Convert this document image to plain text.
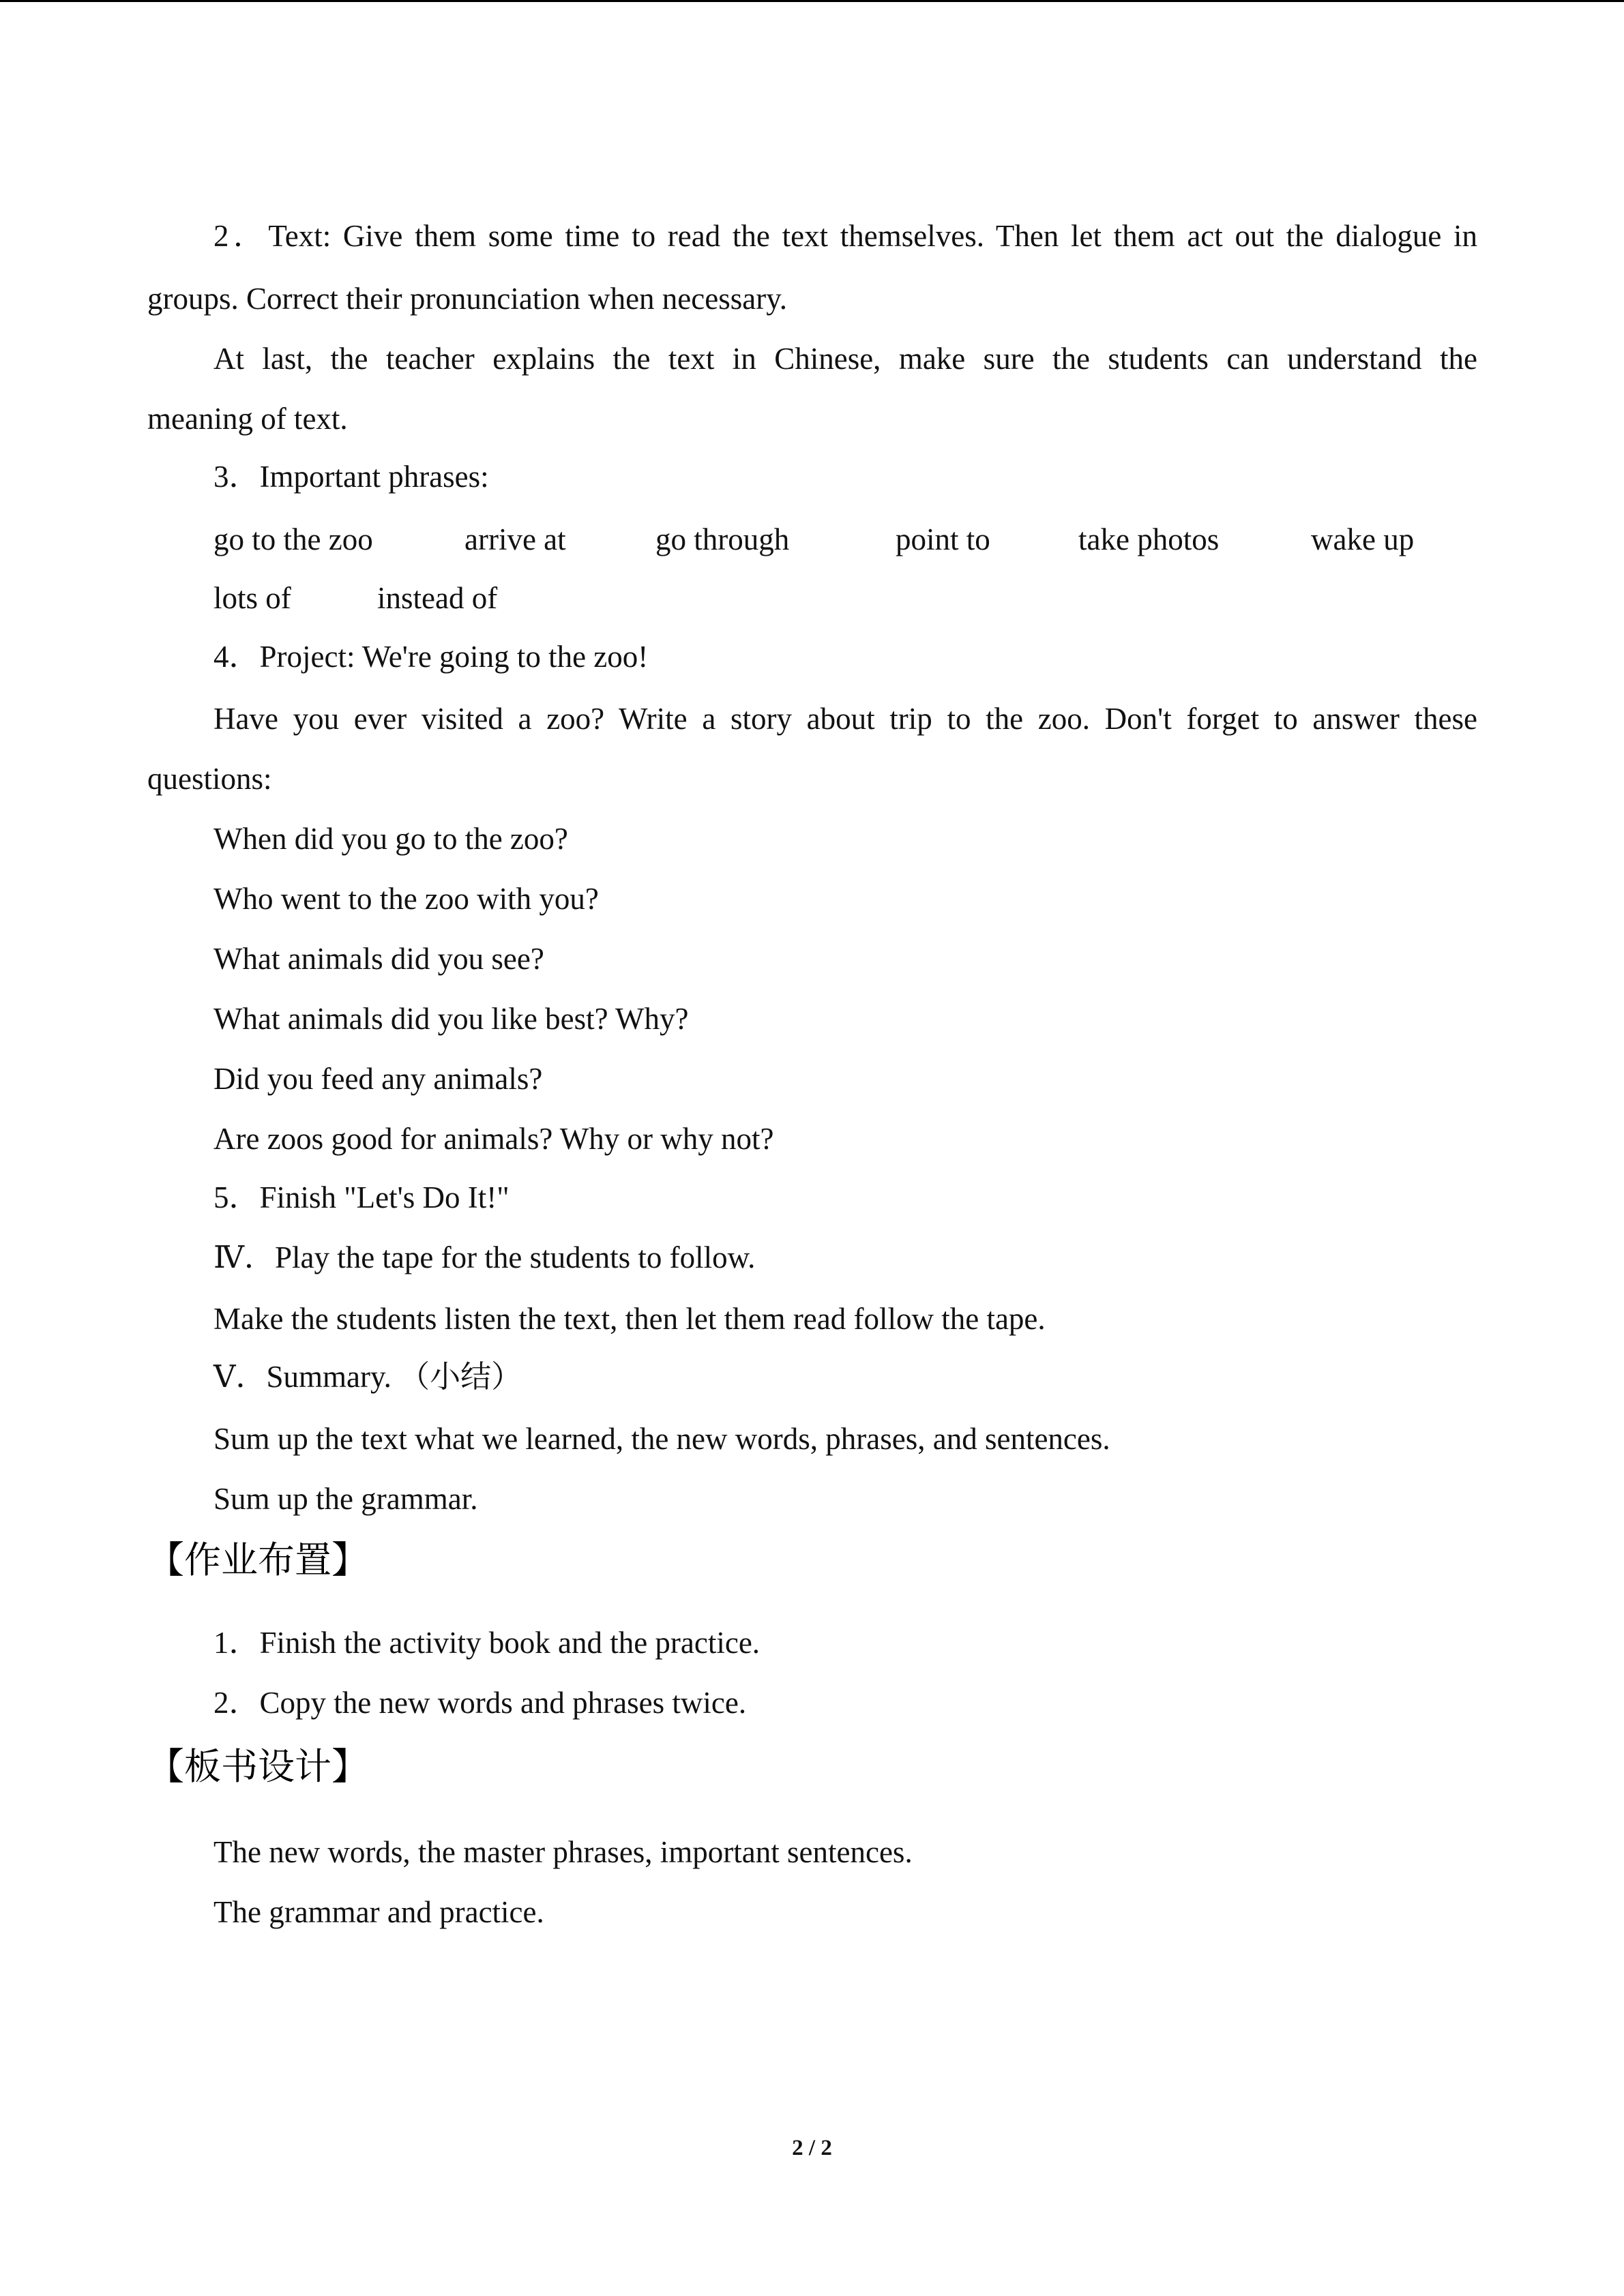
2．Text: Give them some time to read the text themselves. Then let them act out the dialogue in
groups. Correct their pronunciation when necessary.
At last, the teacher explains the text in Chinese, make sure the students can understand the
meaning of text.
3．Important phrases:
go to the zoo	arrive at	go through	point to	take photos	wake up
lots of	instead of
4．Project: We're going to the zoo!
Have you ever visited a zoo? Write a story about trip to the zoo. Don't forget to answer these
questions:
When did you go to the zoo?
Who went to the zoo with you?
What animals did you see?
What animals did you like best? Why?
Did you feed any animals?
Are zoos good for animals? Why or why not?
5．Finish "Let's Do It!"
Ⅳ．Play the tape for the students to follow.
Make the students listen the text, then let them read follow the tape.
Ⅴ．Summary. （小结）
Sum up the text what we learned, the new words, phrases, and sentences.
Sum up the grammar.
【作业布置】
1．Finish the activity book and the practice.
2．Copy the new words and phrases twice.
【板书设计】
The new words, the master phrases, important sentences.
The grammar and practice.
2 / 2
